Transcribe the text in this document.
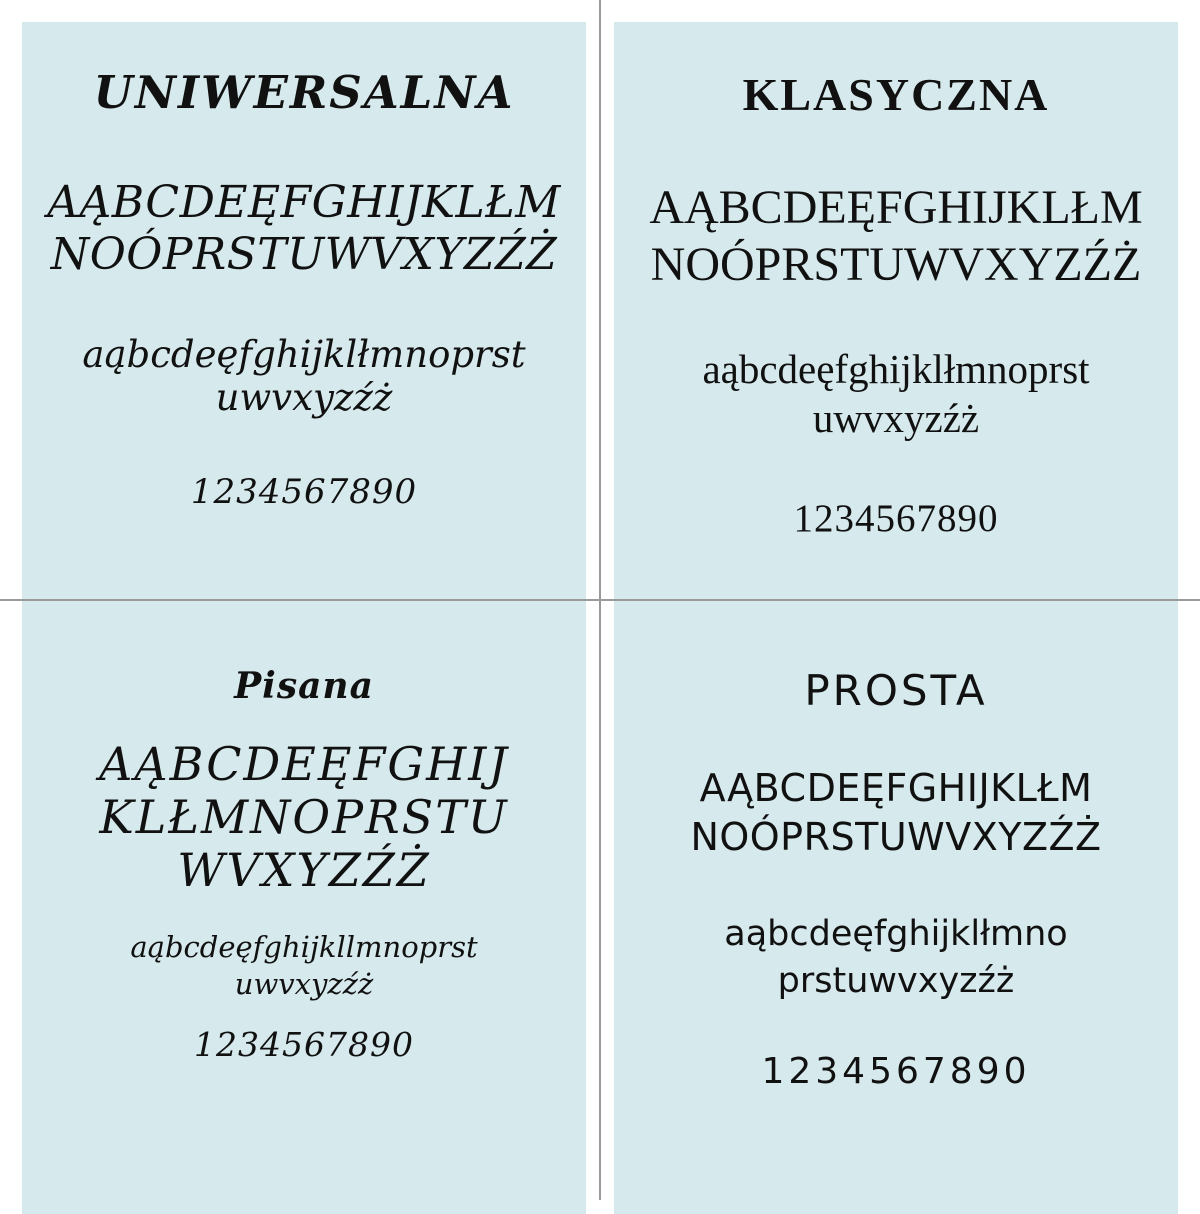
UNIWERSALNA
AĄBCDEĘFGHIJKLŁM
NOÓPRSTUWVXYZŹŻ
aąbcdeęfghijklłmnoprst
uwvxyzźż
1234567890
KLASYCZNA
AĄBCDEĘFGHIJKLŁM
NOÓPRSTUWVXYZŹŻ
aąbcdeęfghijklłmnoprst
uwvxyzźż
1234567890
Pisana
AĄBCDEĘFGHIJ
KLŁMNOPRSTU
WVXYZŹŻ
aąbcdeęfghijkllmnoprst
uwvxyzźż
1234567890
PROSTA
AĄBCDEĘFGHIJKLŁM
NOÓPRSTUWVXYZŹŻ
aąbcdeęfghijklłmno
prstuwvxyzźż
1234567890
